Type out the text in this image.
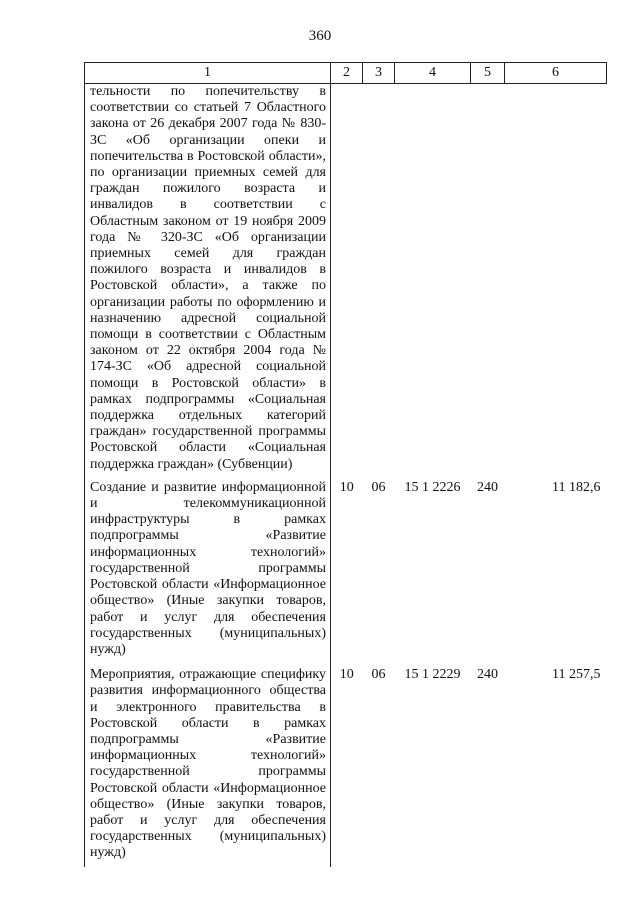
360
1	2	3	4	5	6
тельности по попечительству в соответствии со статьей 7 Областного закона от 26 декабря 2007 года № 830-ЗС «Об организации опеки и попечительства в Ростовской области», по организации приемных семей для граждан пожилого возраста и инвалидов в соответствии с Областным законом от 19 ноября 2009 года № 320-ЗС «Об организации приемных семей для граждан пожилого возраста и инвалидов в Ростовской области», а также по организации работы по оформлению и назначению адресной социальной помощи в соответствии с Областным законом от 22 октября 2004 года № 174-ЗС «Об адресной социальной помощи в Ростовской области» в рамках подпрограммы «Социальная поддержка отдельных категорий граждан» государственной программы Ростовской области «Социальная поддержка граждан» (Субвенции)					
Создание и развитие информационной и телекоммуникационной инфраструктуры в рамках подпрограммы «Развитие информационных технологий» государственной программы Ростовской области «Информационное общество» (Иные закупки товаров, работ и услуг для обеспечения государственных (муниципальных) нужд)	10	06	15 1 2226	240	11 182,6
Мероприятия, отражающие специфику развития информационного общества и электронного правительства в Ростовской области в рамках подпрограммы «Развитие информационных технологий» государственной программы Ростовской области «Информационное общество» (Иные закупки товаров, работ и услуг для обеспечения государственных (муниципальных) нужд)	10	06	15 1 2229	240	11 257,5
